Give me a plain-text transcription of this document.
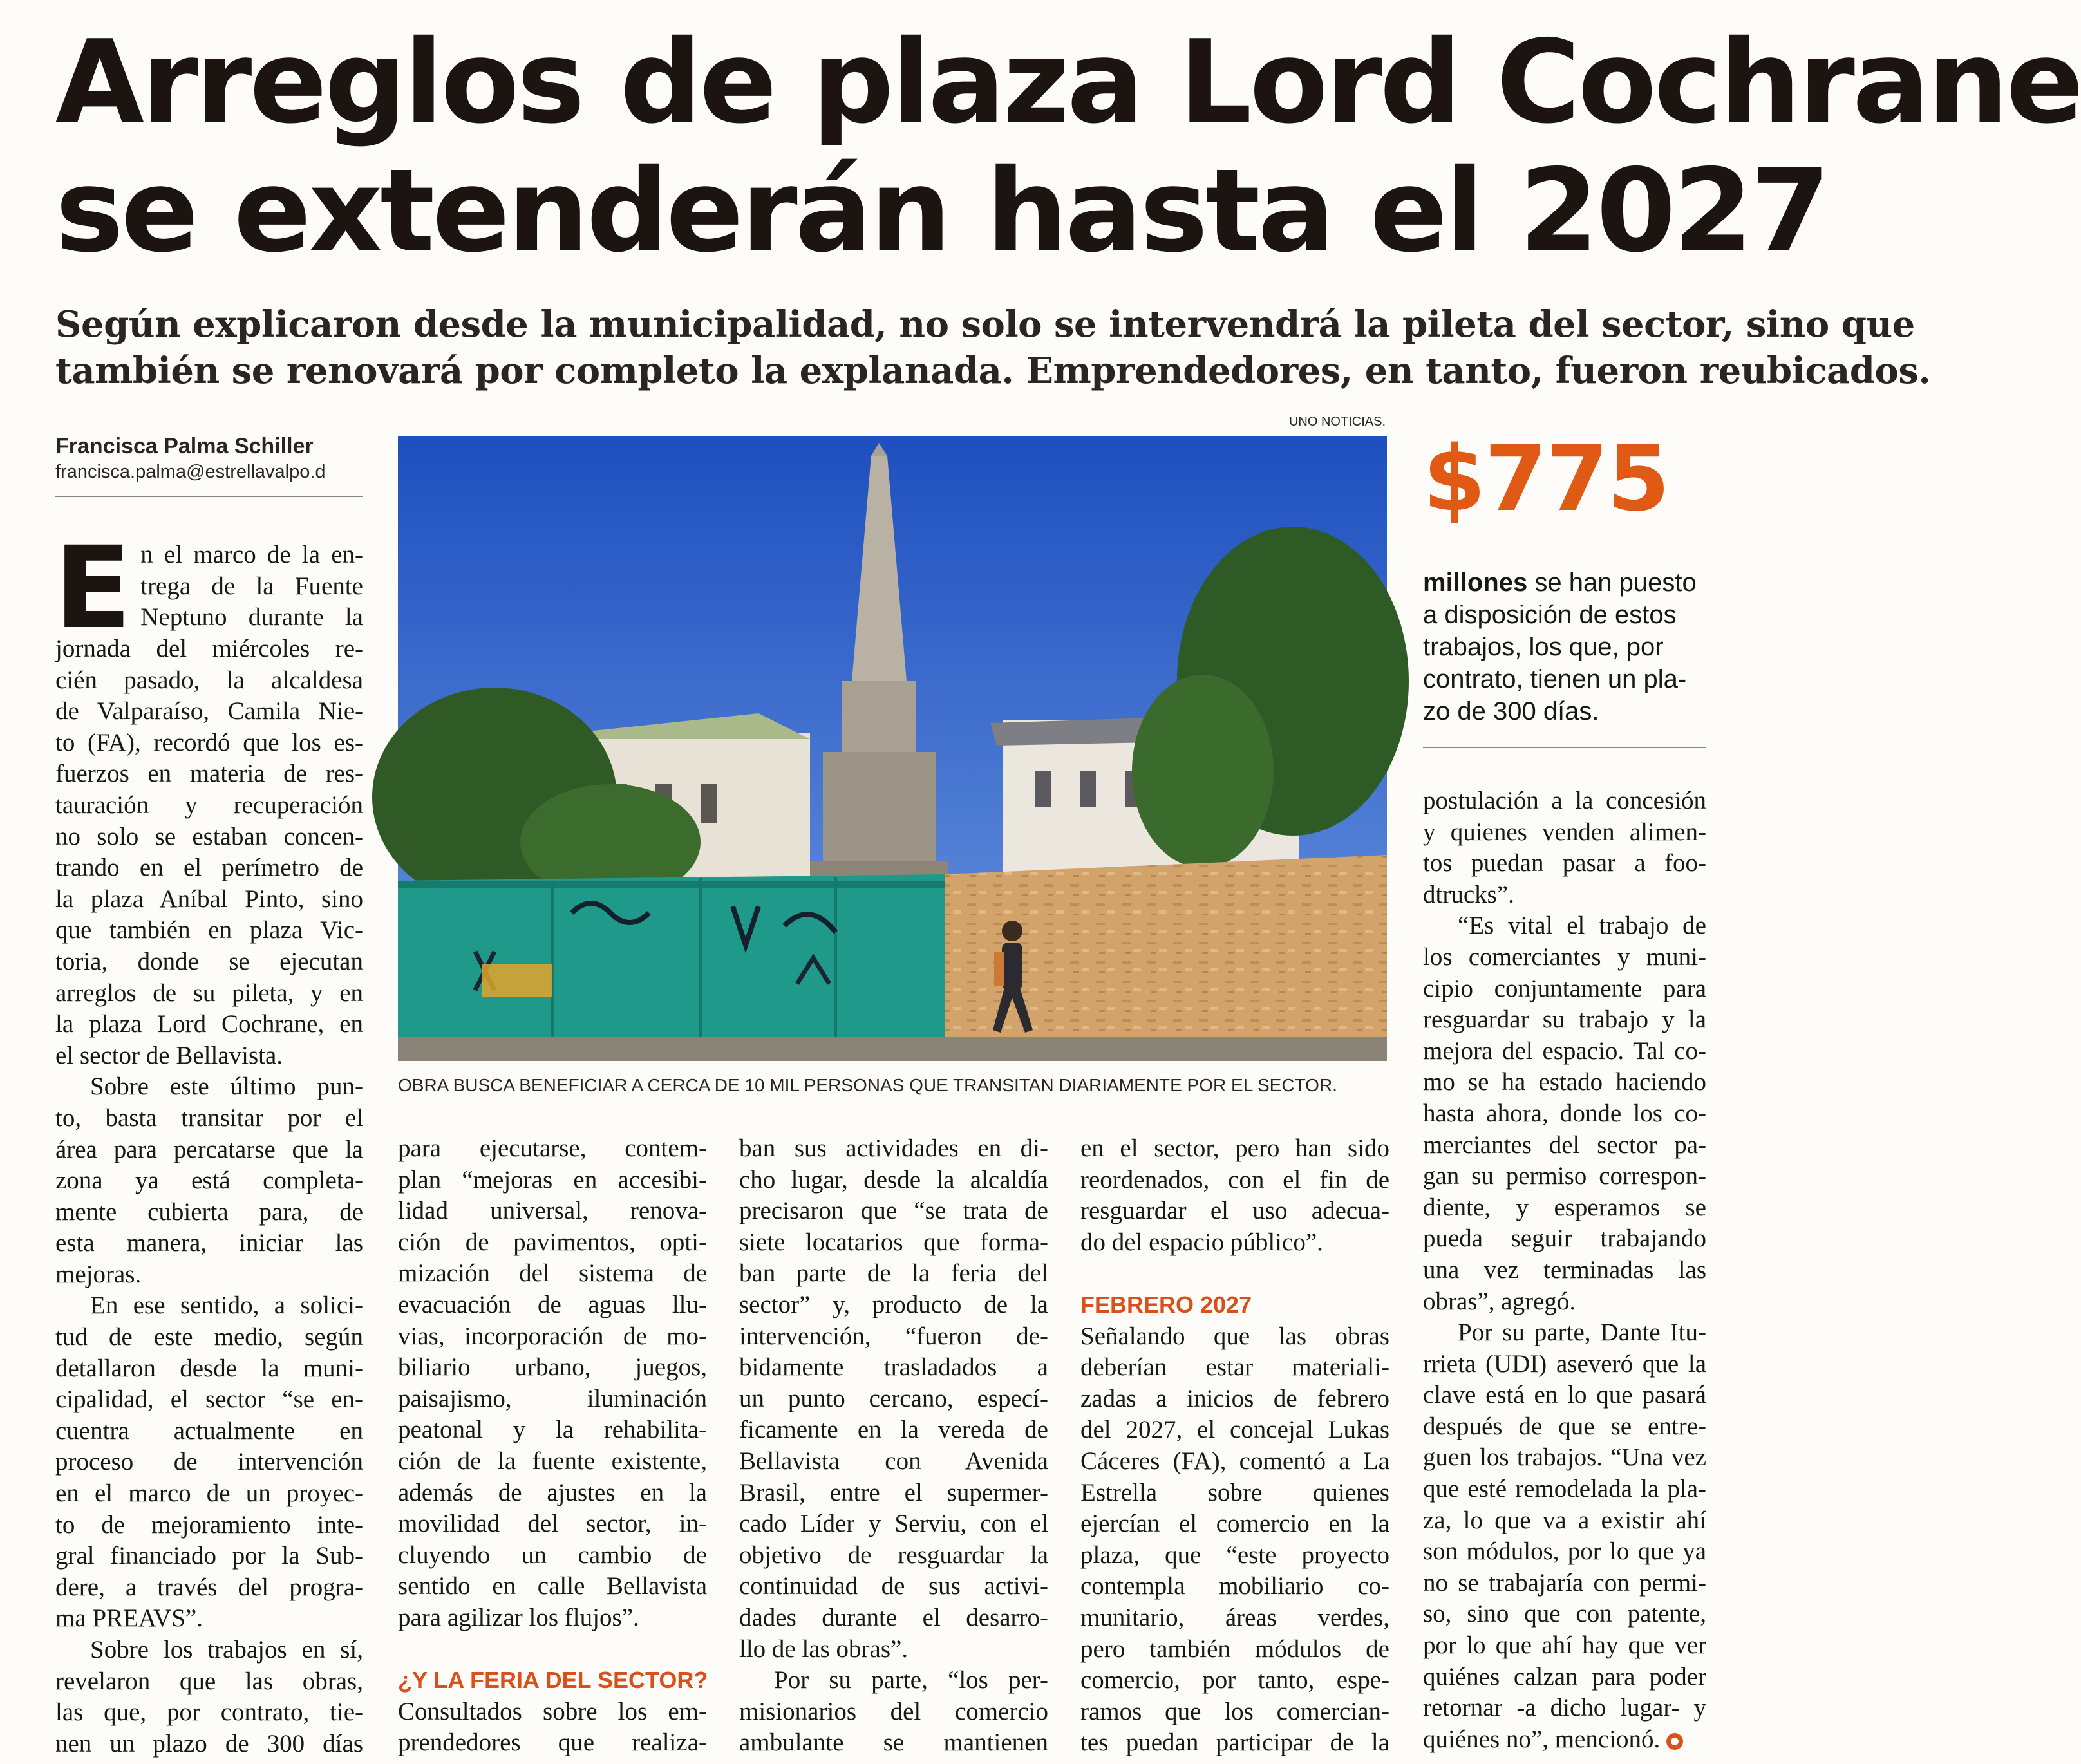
Arreglos de plaza Lord Cochrane
se extenderán hasta el 2027
Según explicaron desde la municipalidad, no solo se intervendrá la pileta del sector, sino que
también se renovará por completo la explanada. Emprendedores, en tanto, fueron reubicados.
Francisca Palma Schiller
francisca.palma@estrellavalpo.d
UNO NOTICIAS.
OBRA BUSCA BENEFICIAR A CERCA DE 10 MIL PERSONAS QUE TRANSITAN DIARIAMENTE POR EL SECTOR.
$775
millones se han puesto
a disposición de estos
trabajos, los que, por
contrato, tienen un pla-
zo de 300 días.
E n el marco de la en-
trega de la Fuente
Neptuno durante la
jornada del miércoles re-
cién pasado, la alcaldesa
de Valparaíso, Camila Nie-
to (FA), recordó que los es-
fuerzos en materia de res-
tauración y recuperación
no solo se estaban concen-
trando en el perímetro de
la plaza Aníbal Pinto, sino
que también en plaza Vic-
toria, donde se ejecutan
arreglos de su pileta, y en
la plaza Lord Cochrane, en
el sector de Bellavista.
Sobre este último pun-
to, basta transitar por el
área para percatarse que la
zona ya está completa-
mente cubierta para, de
esta manera, iniciar las
mejoras.
En ese sentido, a solici-
tud de este medio, según
detallaron desde la muni-
cipalidad, el sector “se en-
cuentra actualmente en
proceso de intervención
en el marco de un proyec-
to de mejoramiento inte-
gral financiado por la Sub-
dere, a través del progra-
ma PREAVS”.
Sobre los trabajos en sí,
revelaron que las obras,
las que, por contrato, tie-
nen un plazo de 300 días
para ejecutarse, contem-
plan “mejoras en accesibi-
lidad universal, renova-
ción de pavimentos, opti-
mización del sistema de
evacuación de aguas llu-
vias, incorporación de mo-
biliario urbano, juegos,
paisajismo, iluminación
peatonal y la rehabilita-
ción de la fuente existente,
además de ajustes en la
movilidad del sector, in-
cluyendo un cambio de
sentido en calle Bellavista
para agilizar los flujos”.
¿Y LA FERIA DEL SECTOR?
Consultados sobre los em-
prendedores que realiza-
ban sus actividades en di-
cho lugar, desde la alcaldía
precisaron que “se trata de
siete locatarios que forma-
ban parte de la feria del
sector” y, producto de la
intervención, “fueron de-
bidamente trasladados a
un punto cercano, especí-
ficamente en la vereda de
Bellavista con Avenida
Brasil, entre el supermer-
cado Líder y Serviu, con el
objetivo de resguardar la
continuidad de sus activi-
dades durante el desarro-
llo de las obras”.
Por su parte, “los per-
misionarios del comercio
ambulante se mantienen
en el sector, pero han sido
reordenados, con el fin de
resguardar el uso adecua-
do del espacio público”.
FEBRERO 2027
Señalando que las obras
deberían estar materiali-
zadas a inicios de febrero
del 2027, el concejal Lukas
Cáceres (FA), comentó a La
Estrella sobre quienes
ejercían el comercio en la
plaza, que “este proyecto
contempla mobiliario co-
munitario, áreas verdes,
pero también módulos de
comercio, por tanto, espe-
ramos que los comercian-
tes puedan participar de la
postulación a la concesión
y quienes venden alimen-
tos puedan pasar a foo-
dtrucks”.
“Es vital el trabajo de
los comerciantes y muni-
cipio conjuntamente para
resguardar su trabajo y la
mejora del espacio. Tal co-
mo se ha estado haciendo
hasta ahora, donde los co-
merciantes del sector pa-
gan su permiso correspon-
diente, y esperamos se
pueda seguir trabajando
una vez terminadas las
obras”, agregó.
Por su parte, Dante Itu-
rrieta (UDI) aseveró que la
clave está en lo que pasará
después de que se entre-
guen los trabajos. “Una vez
que esté remodelada la pla-
za, lo que va a existir ahí
son módulos, por lo que ya
no se trabajaría con permi-
so, sino que con patente,
por lo que ahí hay que ver
quiénes calzan para poder
retornar -a dicho lugar- y
quiénes no”, mencionó.
